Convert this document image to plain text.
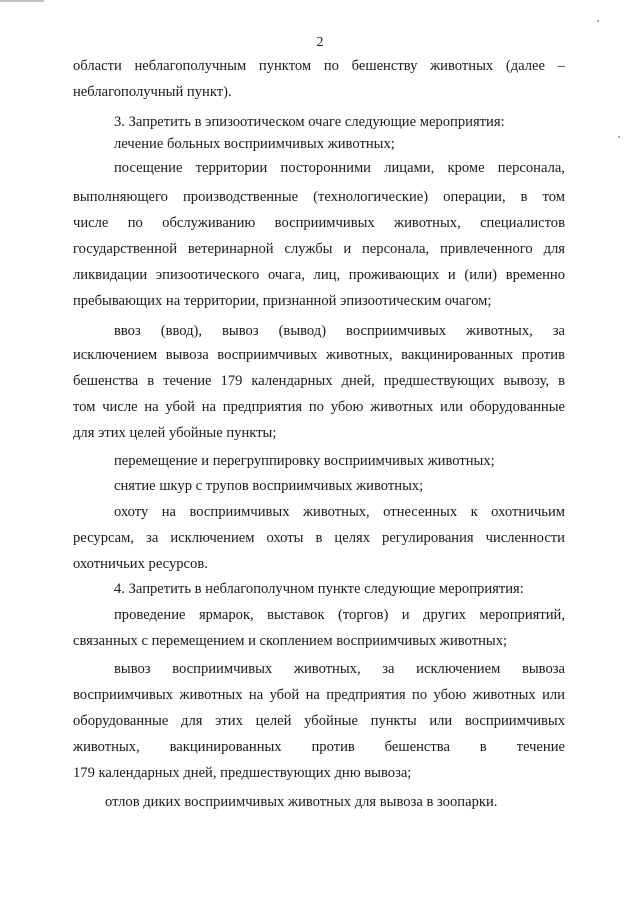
2
области неблагополучным пунктом по бешенству животных (далее –
неблагополучный пункт).
3. Запретить в эпизоотическом очаге следующие мероприятия:
лечение больных восприимчивых животных;
посещение территории посторонними лицами, кроме персонала,
выполняющего производственные (технологические) операции, в том
числе по обслуживанию восприимчивых животных, специалистов
государственной ветеринарной службы и персонала, привлеченного для
ликвидации эпизоотического очага, лиц, проживающих и (или) временно
пребывающих на территории, признанной эпизоотическим очагом;
ввоз (ввод), вывоз (вывод) восприимчивых животных, за
исключением вывоза восприимчивых животных, вакцинированных против
бешенства в течение 179 календарных дней, предшествующих вывозу, в
том числе на убой на предприятия по убою животных или оборудованные
для этих целей убойные пункты;
перемещение и перегруппировку восприимчивых животных;
снятие шкур с трупов восприимчивых животных;
охоту на восприимчивых животных, отнесенных к охотничьим
ресурсам, за исключением охоты в целях регулирования численности
охотничьих ресурсов.
4. Запретить в неблагополучном пункте следующие мероприятия:
проведение ярмарок, выставок (торгов) и других мероприятий,
связанных с перемещением и скоплением восприимчивых животных;
вывоз восприимчивых животных, за исключением вывоза
восприимчивых животных на убой на предприятия по убою животных или
оборудованные для этих целей убойные пункты или восприимчивых
животных, вакцинированных против бешенства в течение
179 календарных дней, предшествующих дню вывоза;
отлов диких восприимчивых животных для вывоза в зоопарки.
